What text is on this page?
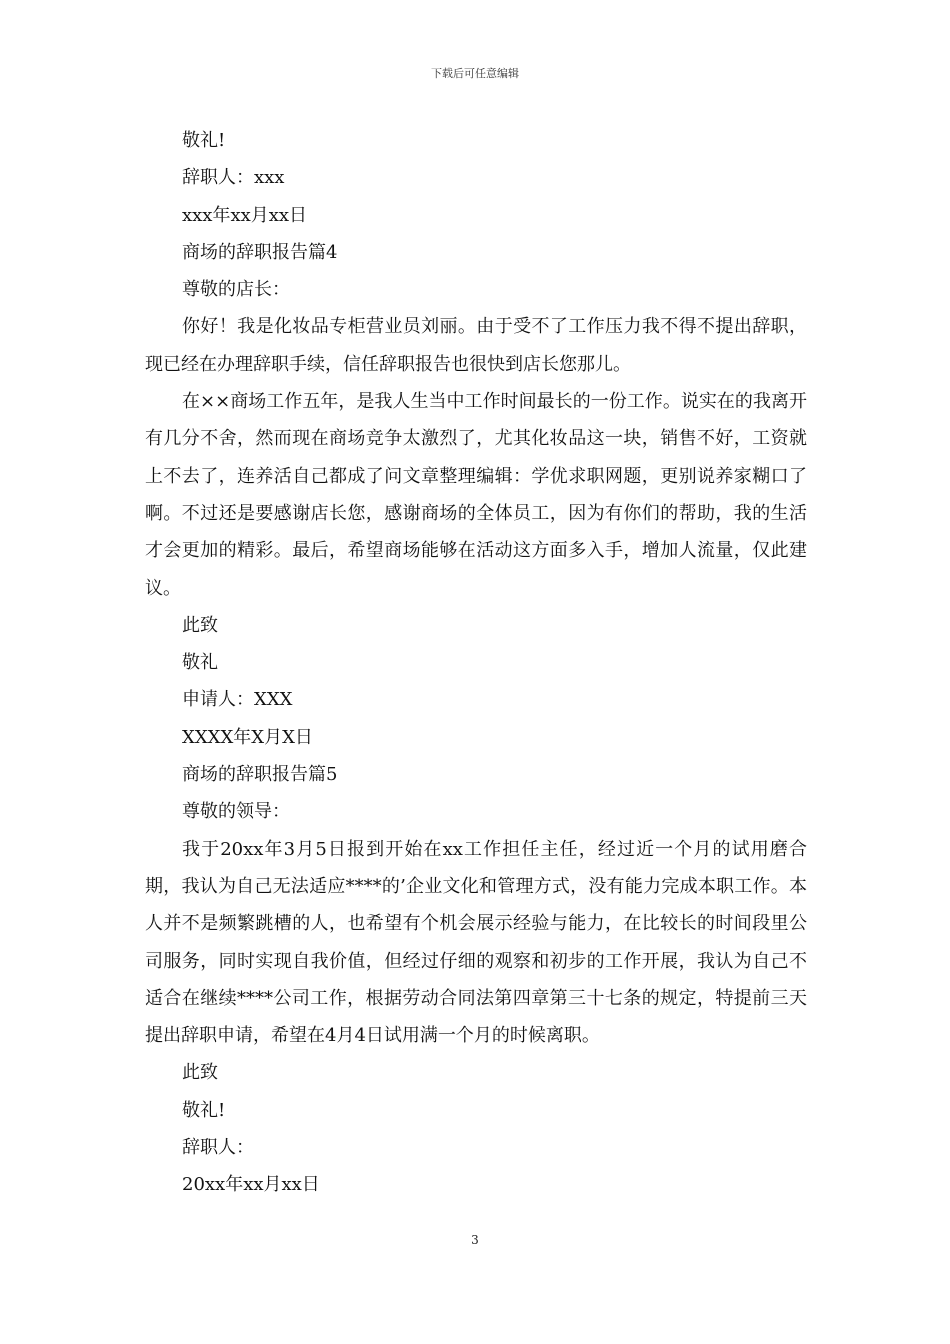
下载后可任意编辑

敬礼!

辞职人：xxx

xxx年xx月xx日

商场的辞职报告篇4

尊敬的店长：

你好！我是化妆品专柜营业员刘丽。由于受不了工作压力我不得不提出辞职，现已经在办理辞职手续，信任辞职报告也很快到店长您那儿。

在××商场工作五年，是我人生当中工作时间最长的一份工作。说实在的我离开有几分不舍，然而现在商场竞争太激烈了，尤其化妆品这一块，销售不好，工资就上不去了，连养活自己都成了问文章整理编辑：学优求职网题，更别说养家糊口了啊。不过还是要感谢店长您，感谢商场的全体员工，因为有你们的帮助，我的生活才会更加的精彩。最后，希望商场能够在活动这方面多入手，增加人流量，仅此建议。

此致

敬礼

申请人：XXX

XXXX年X月X日

商场的辞职报告篇5

尊敬的领导：

我于20xx年3月5日报到开始在xx工作担任主任，经过近一个月的试用磨合期，我认为自己无法适应****的’企业文化和管理方式，没有能力完成本职工作。本人并不是频繁跳槽的人，也希望有个机会展示经验与能力，在比较长的时间段里公司服务，同时实现自我价值，但经过仔细的观察和初步的工作开展，我认为自己不适合在继续****公司工作，根据劳动合同法第四章第三十七条的规定，特提前三天提出辞职申请，希望在4月4日试用满一个月的时候离职。

此致

敬礼!

辞职人：

20xx年xx月xx日

3
